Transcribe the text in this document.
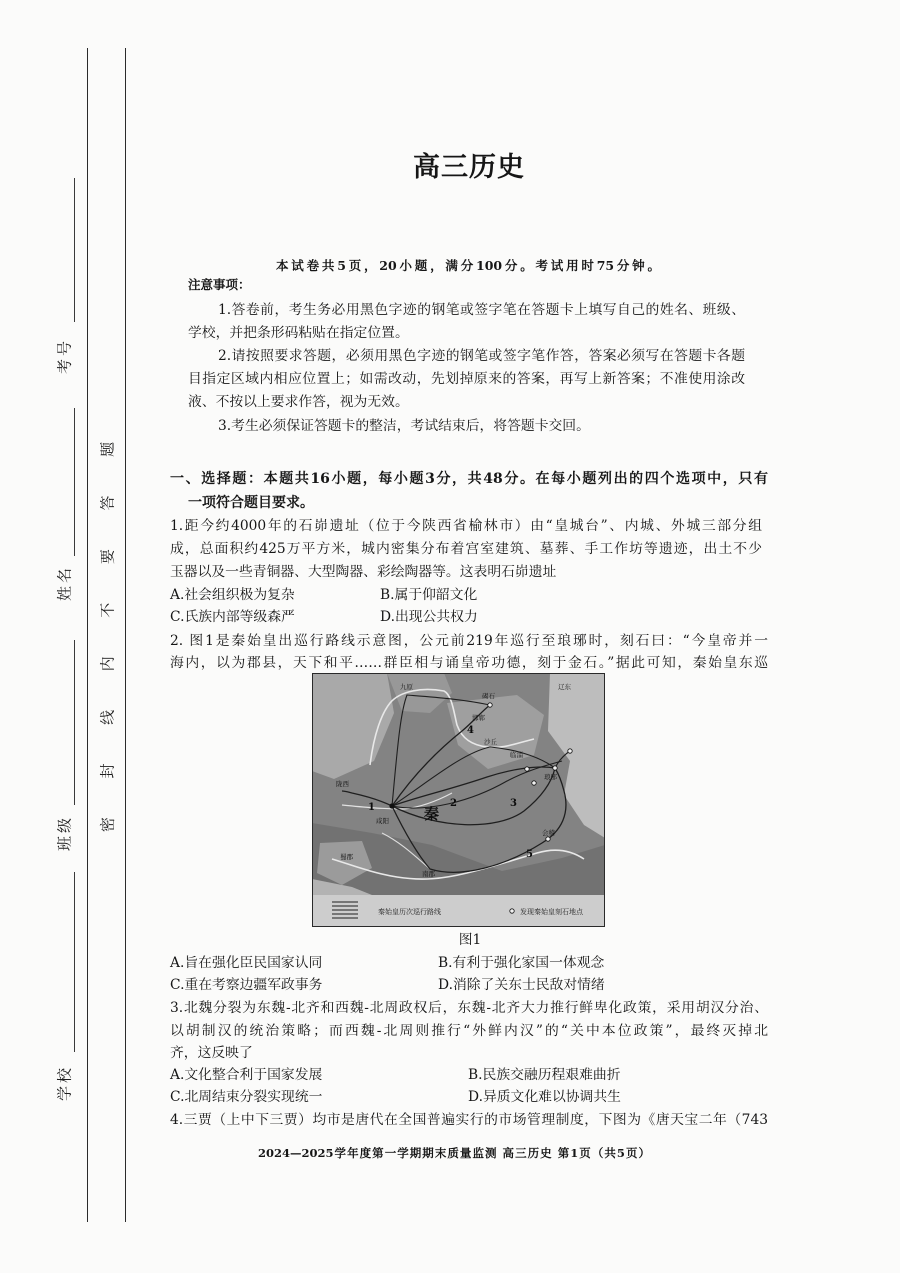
考号
姓名
班级
学校
密封线内不要答题
高三历史
本试卷共5页，20小题，满分100分。考试用时75分钟。
注意事项：
1.答卷前，考生务必用黑色字迹的钢笔或签字笔在答题卡上填写自己的姓名、班级、
学校，并把条形码粘贴在指定位置。
2.请按照要求答题，必须用黑色字迹的钢笔或签字笔作答，答案必须写在答题卡各题
目指定区域内相应位置上；如需改动，先划掉原来的答案，再写上新答案；不准使用涂改
液、不按以上要求作答，视为无效。
3.考生必须保证答题卡的整洁，考试结束后，将答题卡交回。
一、选择题：本题共16小题，每小题3分，共48分。在每小题列出的四个选项中，只有
一项符合题目要求。
1.距今约4000年的石峁遗址（位于今陕西省榆林市）由“皇城台”、内城、外城三部分组
成，总面积约425万平方米，城内密集分布着宫室建筑、墓葬、手工作坊等遗迹，出土不少
玉器以及一些青铜器、大型陶器、彩绘陶器等。这表明石峁遗址
A.社会组织极为复杂	B.属于仰韶文化
C.氏族内部等级森严	D.出现公共权力
2. 图1是秦始皇出巡行路线示意图，公元前219年巡行至琅琊时，刻石曰：“今皇帝并一
海内，以为郡县，天下和平……群臣相与诵皇帝功德，刻于金石。”据此可知，秦始皇东巡
九原
碣石
辽东
邯郸
沙丘
临淄
琅邪
陇西
咸阳 秦
蜀郡
南郡
会稽
1	2	3
4
5
秦始皇历次巡行路线	发现秦始皇刻石地点
图1
A.旨在强化臣民国家认同	B.有利于强化家国一体观念
C.重在考察边疆军政事务	D.消除了关东士民敌对情绪
3.北魏分裂为东魏-北齐和西魏-北周政权后，东魏-北齐大力推行鲜卑化政策，采用胡汉分治、
以胡制汉的统治策略；而西魏-北周则推行“外鲜内汉”的“关中本位政策”，最终灭掉北
齐，这反映了
A.文化整合利于国家发展	B.民族交融历程艰难曲折
C.北周结束分裂实现统一	D.异质文化难以协调共生
4.三贾（上中下三贾）均市是唐代在全国普遍实行的市场管理制度，下图为《唐天宝二年（743
2024—2025学年度第一学期期末质量监测 高三历史 第1页（共5页）
